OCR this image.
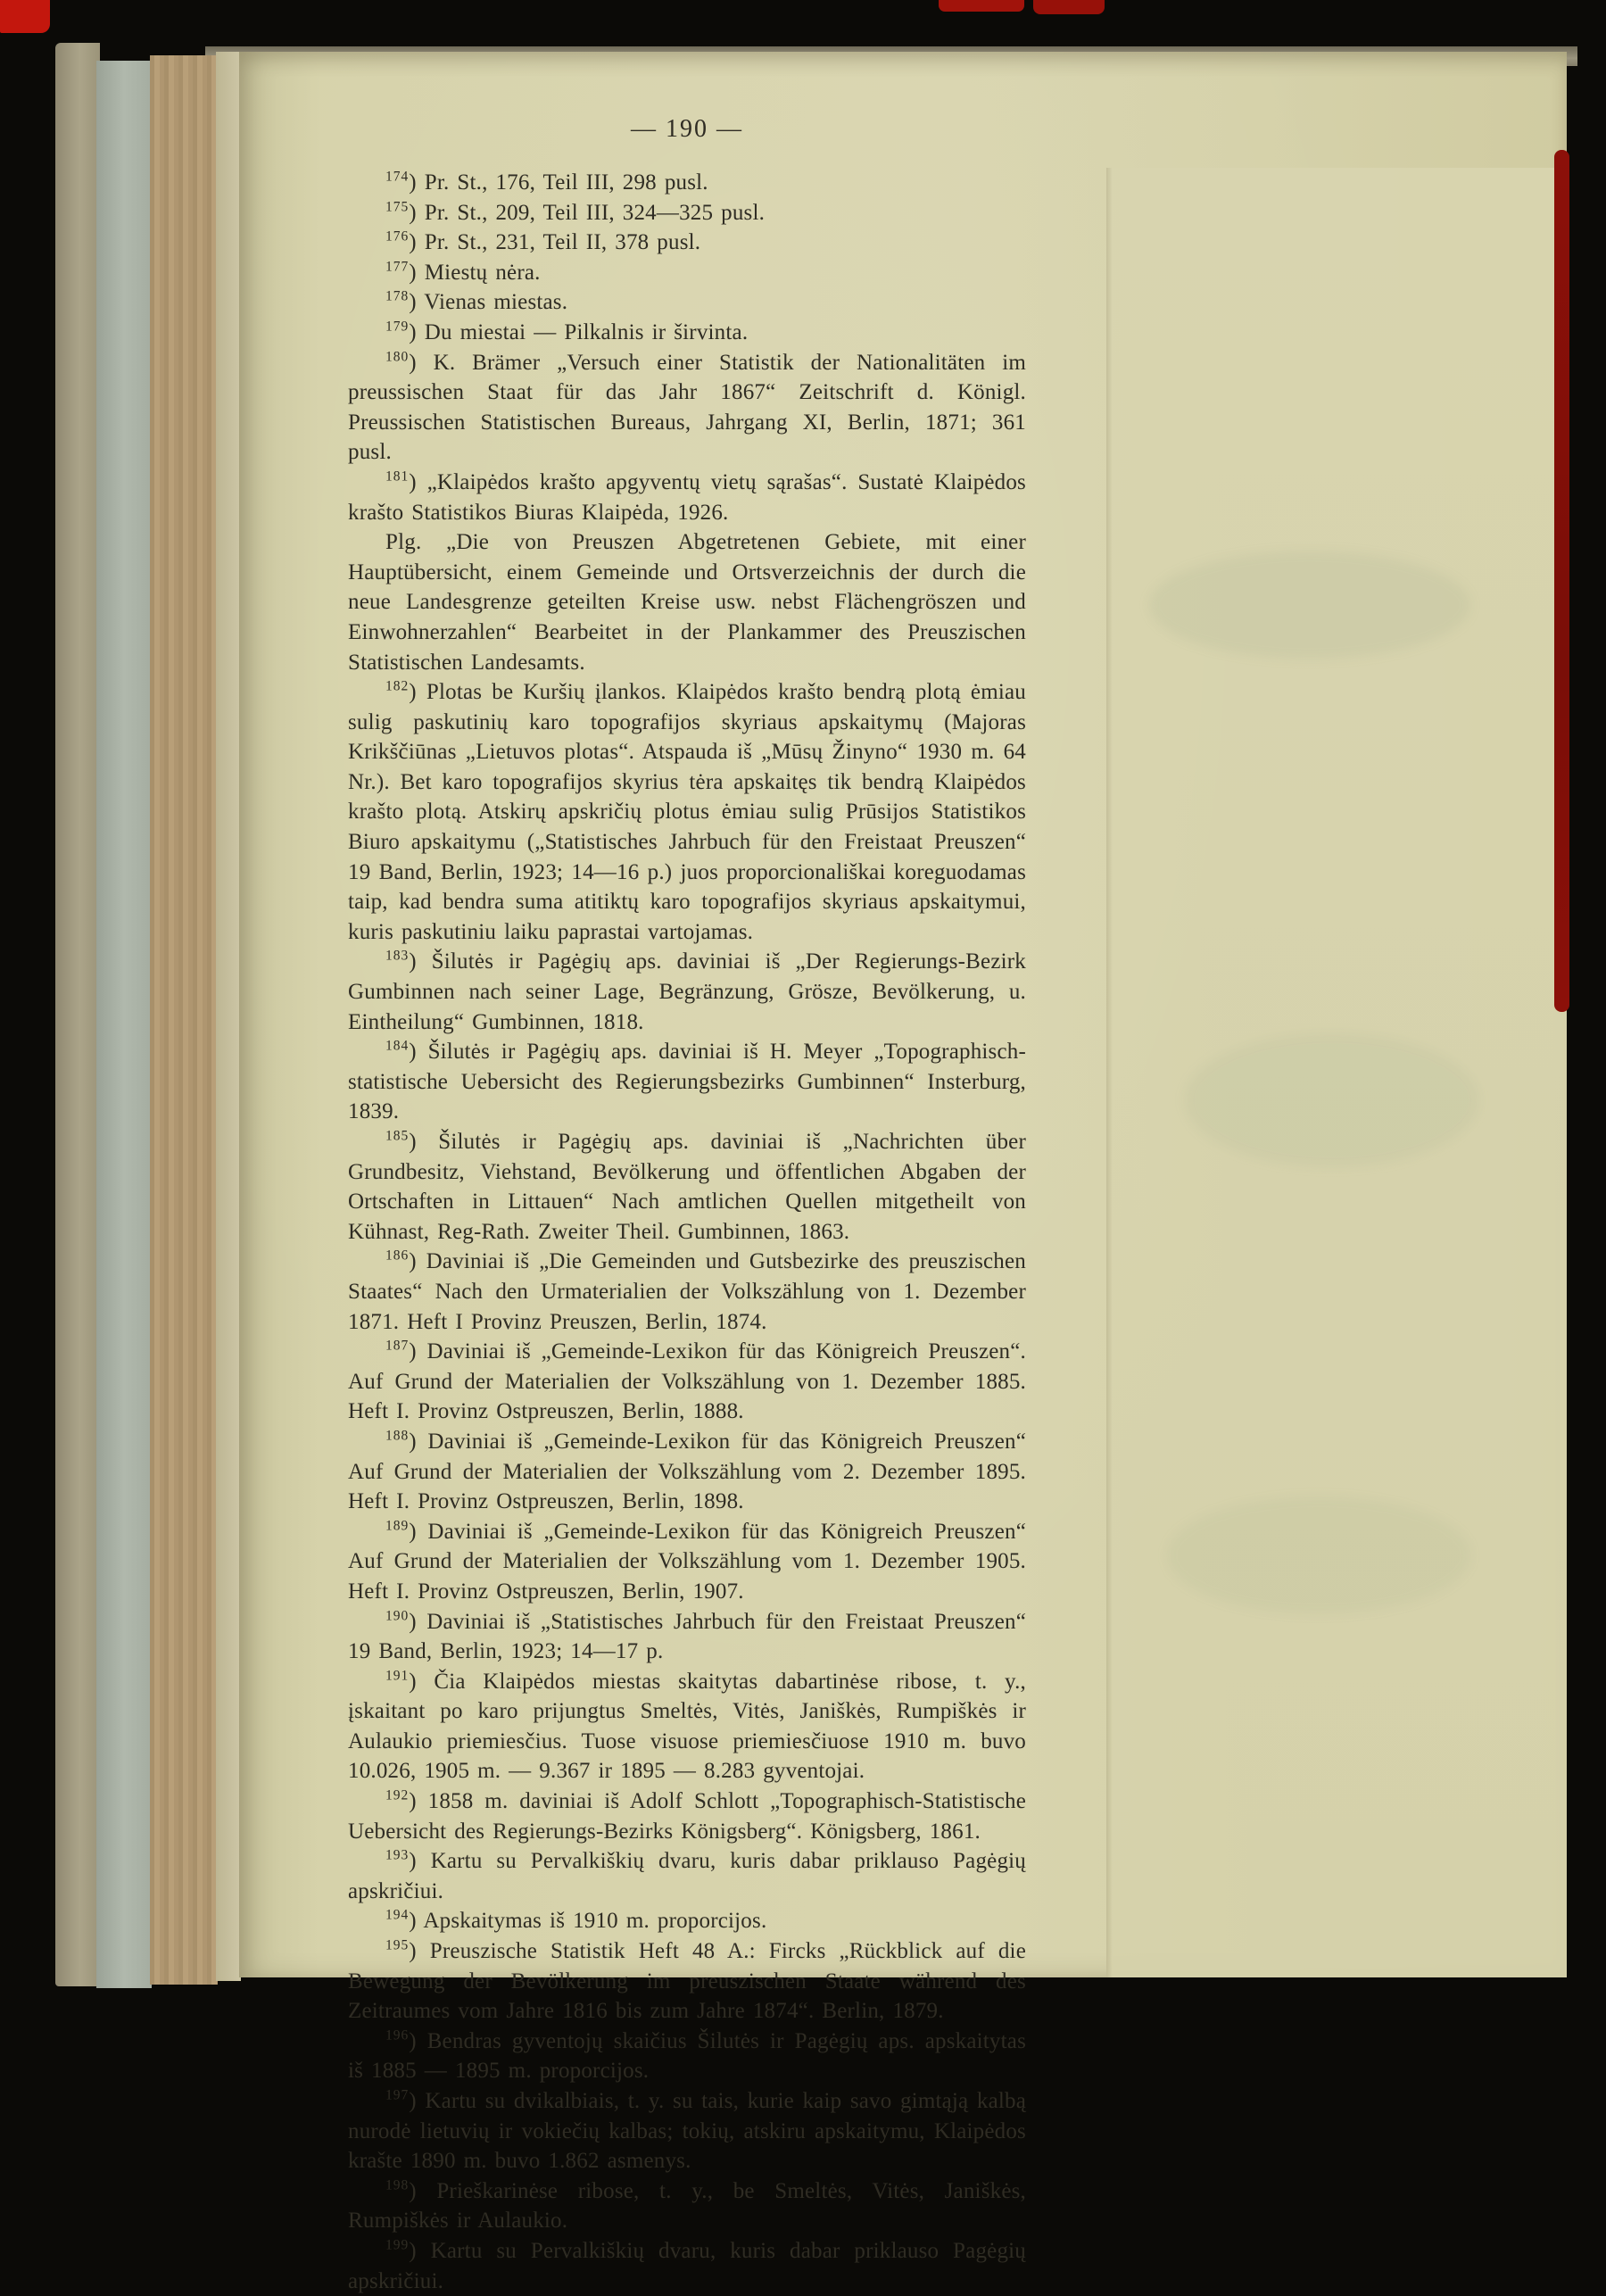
— 190 —

$^{174}$) Pr. St., 176, Teil III, 298 pusl.

$^{175}$) Pr. St., 209, Teil III, 324—325 pusl.

$^{176}$) Pr. St., 231, Teil II, 378 pusl.

$^{177}$) Miestų nėra.

$^{178}$) Vienas miestas.

$^{179}$) Du miestai — Pilkalnis ir širvinta.

$^{180}$) K. Brämer „Versuch einer Statistik der Nationalitäten im preussischen Staat für das Jahr 1867“ Zeitschrift d. Königl. Preussischen Statistischen Bureaus, Jahrgang XI, Berlin, 1871; 361 pusl.

$^{181}$) „Klaipėdos krašto apgyventų vietų sąrašas“. Sustatė Klaipėdos krašto Statistikos Biuras Klaipėda, 1926.

Plg. „Die von Preuszen Abgetretenen Gebiete, mit einer Hauptübersicht, einem Gemeinde und Ortsverzeichnis der durch die neue Landesgrenze geteilten Kreise usw. nebst Flächengröszen und Einwohnerzahlen“ Bearbeitet in der Plankammer des Preuszischen Statistischen Landesamts.

$^{182}$) Plotas be Kuršių įlankos. Klaipėdos krašto bendrą plotą ėmiau sulig paskutinių karo topografijos skyriaus apskaitymų (Majoras Krikščiūnas „Lietuvos plotas“. Atspauda iš „Mūsų Žinyno“ 1930 m. 64 Nr.). Bet karo topografijos skyrius tėra apskaitęs tik bendrą Klaipėdos krašto plotą. Atskirų apskričių plotus ėmiau sulig Prūsijos Statistikos Biuro apskaitymu („Statistisches Jahrbuch für den Freistaat Preuszen“ 19 Band, Berlin, 1923; 14—16 p.) juos proporcionališkai koreguodamas taip, kad bendra suma atitiktų karo topografijos skyriaus apskaitymui, kuris paskutiniu laiku paprastai vartojamas.

$^{183}$) Šilutės ir Pagėgių aps. daviniai iš „Der Regierungs-Bezirk Gumbinnen nach seiner Lage, Begränzung, Grösze, Bevölkerung, u. Eintheilung“ Gumbinnen, 1818.

$^{184}$) Šilutės ir Pagėgių aps. daviniai iš H. Meyer „Topographisch-statistische Uebersicht des Regierungsbezirks Gumbinnen“ Insterburg, 1839.

$^{185}$) Šilutės ir Pagėgių aps. daviniai iš „Nachrichten über Grundbesitz, Viehstand, Bevölkerung und öffentlichen Abgaben der Ortschaften in Littauen“ Nach amtlichen Quellen mitgetheilt von Kühnast, Reg-Rath. Zweiter Theil. Gumbinnen, 1863.

$^{186}$) Daviniai iš „Die Gemeinden und Gutsbezirke des preuszischen Staates“ Nach den Urmaterialien der Volkszählung von 1. Dezember 1871. Heft I Provinz Preuszen, Berlin, 1874.

$^{187}$) Daviniai iš „Gemeinde-Lexikon für das Königreich Preuszen“. Auf Grund der Materialien der Volkszählung von 1. Dezember 1885. Heft I. Provinz Ostpreuszen, Berlin, 1888.

$^{188}$) Daviniai iš „Gemeinde-Lexikon für das Königreich Preuszen“ Auf Grund der Materialien der Volkszählung vom 2. Dezember 1895. Heft I. Provinz Ostpreuszen, Berlin, 1898.

$^{189}$) Daviniai iš „Gemeinde-Lexikon für das Königreich Preuszen“ Auf Grund der Materialien der Volkszählung vom 1. Dezember 1905. Heft I. Provinz Ostpreuszen, Berlin, 1907.

$^{190}$) Daviniai iš „Statistisches Jahrbuch für den Freistaat Preuszen“ 19 Band, Berlin, 1923; 14—17 p.

$^{191}$) Čia Klaipėdos miestas skaitytas dabartinėse ribose, t. y., įskaitant po karo prijungtus Smeltės, Vitės, Janiškės, Rumpiškės ir Aulaukio priemiesčius. Tuose visuose priemiesčiuose 1910 m. buvo 10.026, 1905 m. — 9.367 ir 1895 — 8.283 gyventojai.

$^{192}$) 1858 m. daviniai iš Adolf Schlott „Topographisch-Statistische Uebersicht des Regierungs-Bezirks Königsberg“. Königsberg, 1861.

$^{193}$) Kartu su Pervalkiškių dvaru, kuris dabar priklauso Pagėgių apskričiui.

$^{194}$) Apskaitymas iš 1910 m. proporcijos.

$^{195}$) Preuszische Statistik Heft 48 A.: Fircks „Rückblick auf die Bewegung der Bevölkerung im preuszischen Staate während des Zeitraumes vom Jahre 1816 bis zum Jahre 1874“. Berlin, 1879.

$^{196}$) Bendras gyventojų skaičius Šilutės ir Pagėgių aps. apskaitytas iš 1885 — 1895 m. proporcijos.

$^{197}$) Kartu su dvikalbiais, t. y. su tais, kurie kaip savo gimtąją kalbą nurodė lietuvių ir vokiečių kalbas; tokių, atskiru apskaitymu, Klaipėdos krašte 1890 m. buvo 1.862 asmenys.

$^{198}$) Prieškarinėse ribose, t. y., be Smeltės, Vitės, Janiškės, Rumpiškės ir Aulaukio.

$^{199}$) Kartu su Pervalkiškių dvaru, kuris dabar priklauso Pagėgių apskričiui.
